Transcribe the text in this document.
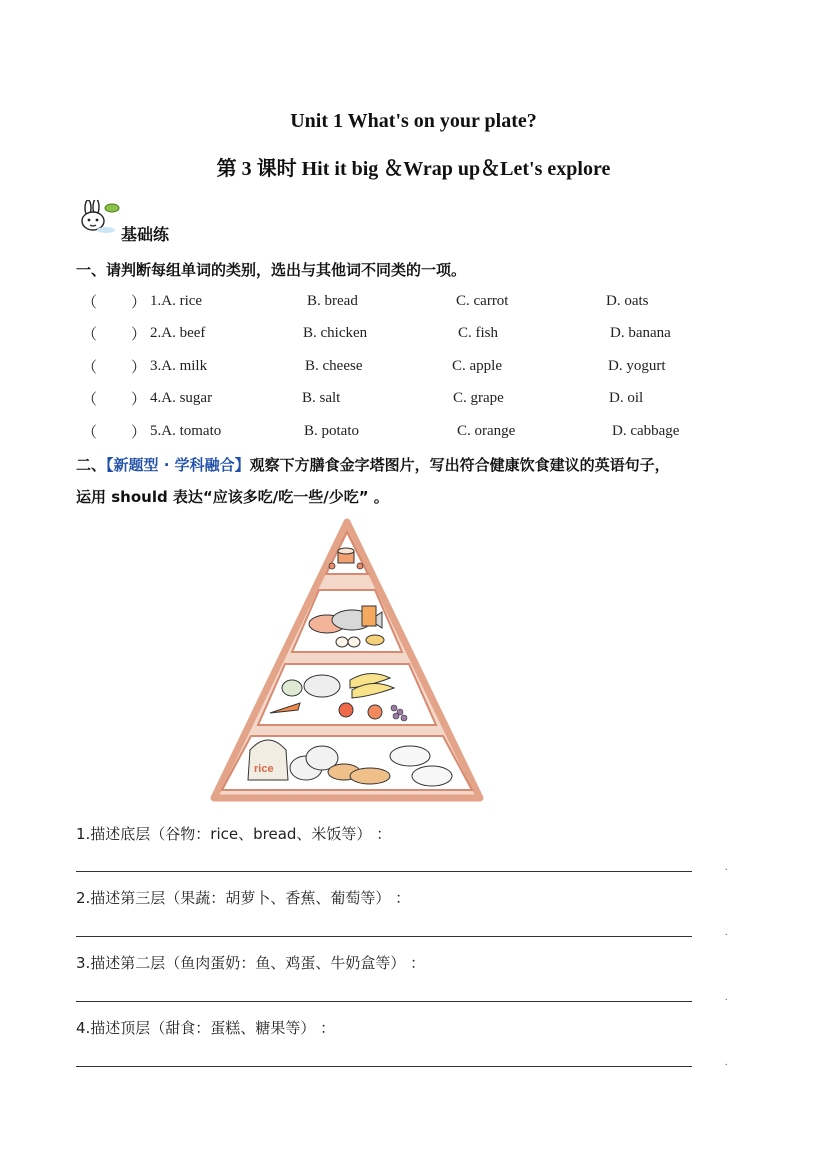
Unit 1 What's on your plate?
第 3 课时 Hit it big ＆Wrap up＆Let's explore
基础练
一、请判断每组单词的类别，选出与其他词不同类的一项。
（ ） 1.A. rice	B. bread	C. carrot	D. oats
（ ） 2.A. beef	B. chicken	C. fish	D. banana
（ ） 3.A. milk	B. cheese	C. apple	D. yogurt
（ ） 4.A. sugar	B. salt	C. grape	D. oil
（ ） 5.A. tomato	B. potato	C. orange	D. cabbage
二、【新题型 · 学科融合】观察下方膳食金字塔图片，写出符合健康饮食建议的英语句子，
运用 should 表达“应该多吃/吃一些/少吃” 。
rice
1.描述底层（谷物：rice、bread、米饭等） ：
.
2.描述第三层（果蔬：胡萝卜、香蕉、葡萄等） ：
.
3.描述第二层（鱼肉蛋奶：鱼、鸡蛋、牛奶盒等） ：
.
4.描述顶层（甜食：蛋糕、糖果等） ：
.
